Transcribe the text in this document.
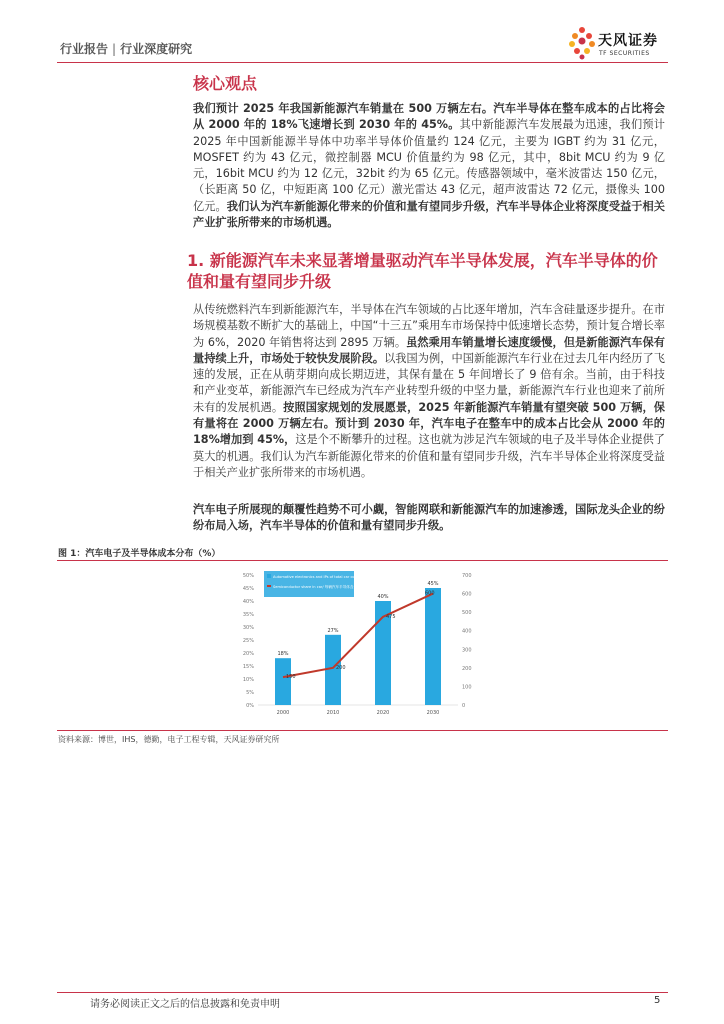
行业报告 | 行业深度研究	天风证券
TF SECURITIES
核心观点
我们预计 2025 年我国新能源汽车销量在 500 万辆左右。汽车半导体在整车成本的占比将会从 2000 年的 18%飞速增长到 2030 年的 45%。其中新能源汽车发展最为迅速，我们预计 2025 年中国新能源半导体中功率半导体价值量约 124 亿元，主要为 IGBT 约为 31 亿元，MOSFET 约为 43 亿元，微控制器 MCU 价值量约为 98 亿元，其中，8bit MCU 约为 9 亿元，16bit MCU 约为 12 亿元，32bit 约为 65 亿元。传感器领域中，毫米波雷达 150 亿元，（长距离 50 亿，中短距离 100 亿元）激光雷达 43 亿元，超声波雷达 72 亿元，摄像头 100 亿元。我们认为汽车新能源化带来的价值和量有望同步升级，汽车半导体企业将深度受益于相关产业扩张所带来的市场机遇。
1. 新能源汽车未来显著增量驱动汽车半导体发展，汽车半导体的价值和量有望同步升级
从传统燃料汽车到新能源汽车，半导体在汽车领域的占比逐年增加，汽车含硅量逐步提升。在市场规模基数不断扩大的基础上，中国“十三五”乘用车市场保持中低速增长态势，预计复合增长率为 6%，2020 年销售将达到 2895 万辆。虽然乘用车销量增长速度缓慢，但是新能源汽车保有量持续上升，市场处于较快发展阶段。以我国为例，中国新能源汽车行业在过去几年内经历了飞速的发展，正在从萌芽期向成长期迈进，其保有量在 5 年间增长了 9 倍有余。当前，由于科技和产业变革，新能源汽车已经成为汽车产业转型升级的中坚力量，新能源汽车行业也迎来了前所未有的发展机遇。按照国家规划的发展愿景，2025 年新能源汽车销量有望突破 500 万辆，保有量将在 2000 万辆左右。预计到 2030 年，汽车电子在整车中的成本占比会从 2000 年的 18%增加到 45%，这是个不断攀升的过程。这也就为涉足汽车领域的电子及半导体企业提供了莫大的机遇。我们认为汽车新能源化带来的价值和量有望同步升级，汽车半导体企业将深度受益于相关产业扩张所带来的市场机遇。
汽车电子所展现的颠覆性趋势不可小觑，智能网联和新能源汽车的加速渗透，国际龙头企业的纷纷布局入场，汽车半导体的价值和量有望同步升级。
图 1：汽车电子及半导体成本分布（%）
0%
5%
10%
15%
20%
25%
30%
35%
40%
45%
50%
0
100
200
300
400
500
600
700
18%
2000
27%
2010
40%
2020
45%
2030
150
200
475
600
Automotive electronics and IPs of total car cost/ 汽车电子在车总成本占比
Semiconductor share in car/ 每辆汽车半导体含量
资料来源：博世，IHS，德勤，电子工程专辑，天风证券研究所
请务必阅读正文之后的信息披露和免责申明	5
